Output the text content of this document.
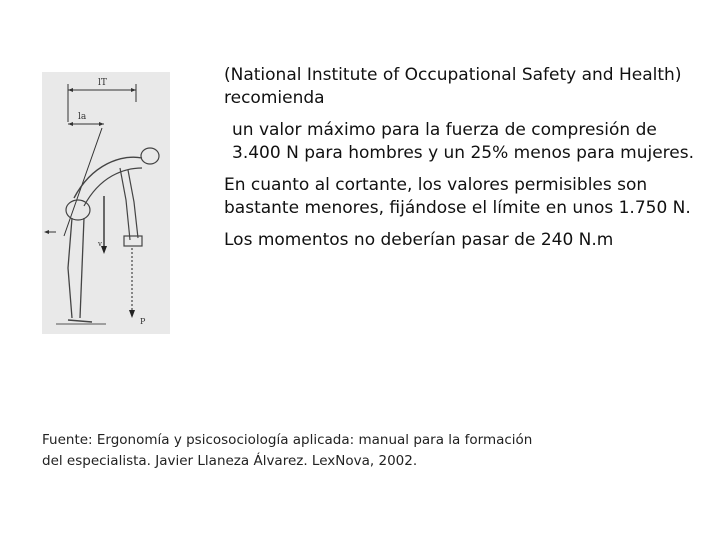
lT
la
v
P

(National Institute of Occupational Safety and Health) recomienda

un valor máximo para la fuerza de compresión de 3.400 N para hombres y un 25% menos para mujeres.

En cuanto al cortante, los valores permisibles son bastante menores, fijándose el límite en unos 1.750 N.

Los momentos no deberían pasar de 240 N.m

Fuente: Ergonomía y psicosociología aplicada: manual para la formación
del especialista. Javier Llaneza Álvarez. LexNova, 2002.
